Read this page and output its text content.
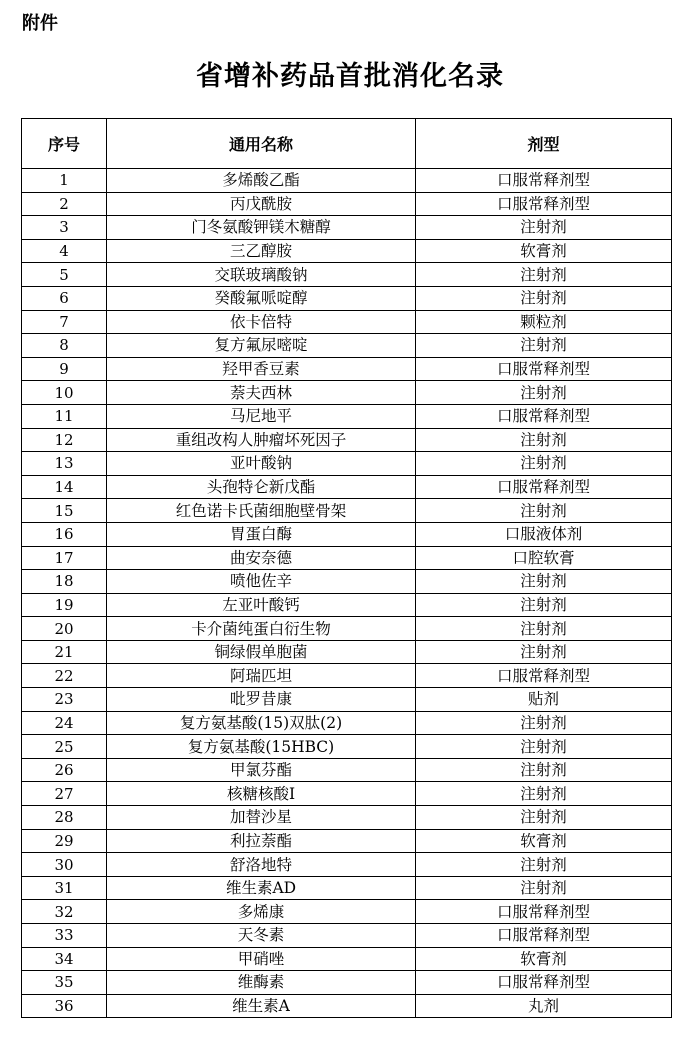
附件
省增补药品首批消化名录
序号	通用名称	剂型
1	多烯酸乙酯	口服常释剂型
2	丙戊酰胺	口服常释剂型
3	门冬氨酸钾镁木糖醇	注射剂
4	三乙醇胺	软膏剂
5	交联玻璃酸钠	注射剂
6	癸酸氟哌啶醇	注射剂
7	依卡倍特	颗粒剂
8	复方氟尿嘧啶	注射剂
9	羟甲香豆素	口服常释剂型
10	萘夫西林	注射剂
11	马尼地平	口服常释剂型
12	重组改构人肿瘤坏死因子	注射剂
13	亚叶酸钠	注射剂
14	头孢特仑新戊酯	口服常释剂型
15	红色诺卡氏菌细胞壁骨架	注射剂
16	胃蛋白酶	口服液体剂
17	曲安奈德	口腔软膏
18	喷他佐辛	注射剂
19	左亚叶酸钙	注射剂
20	卡介菌纯蛋白衍生物	注射剂
21	铜绿假单胞菌	注射剂
22	阿瑞匹坦	口服常释剂型
23	吡罗昔康	贴剂
24	复方氨基酸(15)双肽(2)	注射剂
25	复方氨基酸(15HBC)	注射剂
26	甲氯芬酯	注射剂
27	核糖核酸I	注射剂
28	加替沙星	注射剂
29	利拉萘酯	软膏剂
30	舒洛地特	注射剂
31	维生素AD	注射剂
32	多烯康	口服常释剂型
33	天冬素	口服常释剂型
34	甲硝唑	软膏剂
35	维酶素	口服常释剂型
36	维生素A	丸剂
